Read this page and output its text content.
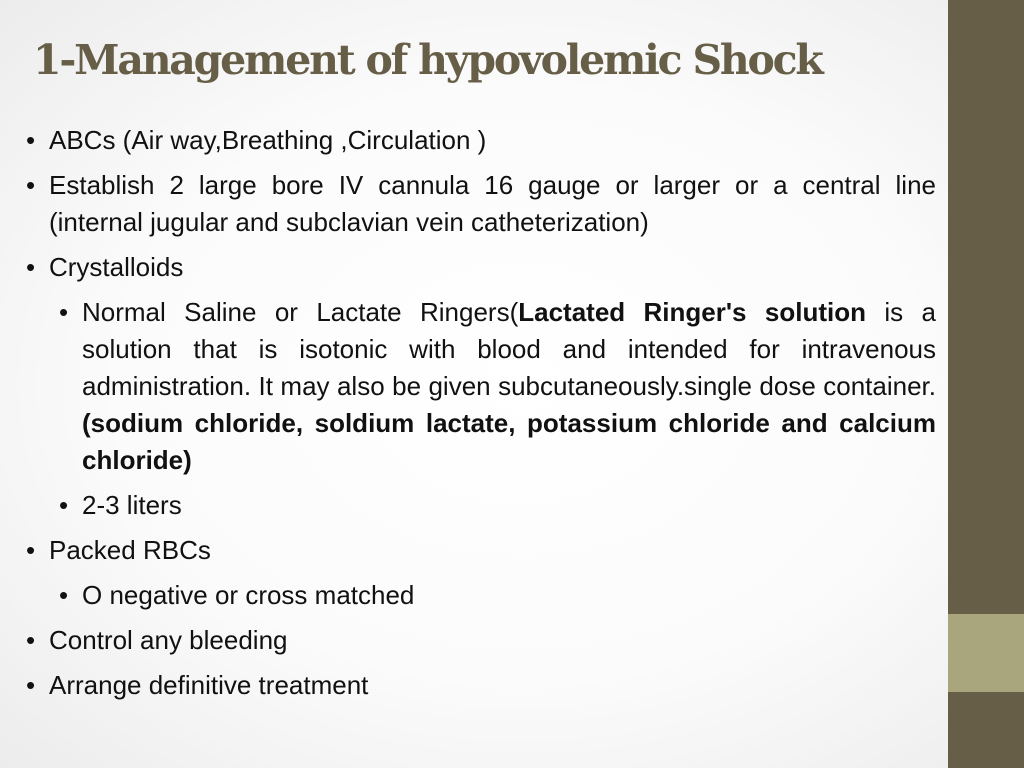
1-Management of hypovolemic Shock

• ABCs (Air way,Breathing ,Circulation )

• Establish 2 large bore IV cannula 16 gauge or larger or a central line (internal jugular and subclavian vein catheterization)

• Crystalloids

• Normal Saline or Lactate Ringers(Lactated Ringer's solution is a solution that is isotonic with blood and intended for intravenous administration. It may also be given subcutaneously.single dose container.(sodium chloride, soldium lactate, potassium chloride and calcium chloride)

• 2-3 liters

• Packed RBCs

• O negative or cross matched

• Control any bleeding

• Arrange definitive treatment
